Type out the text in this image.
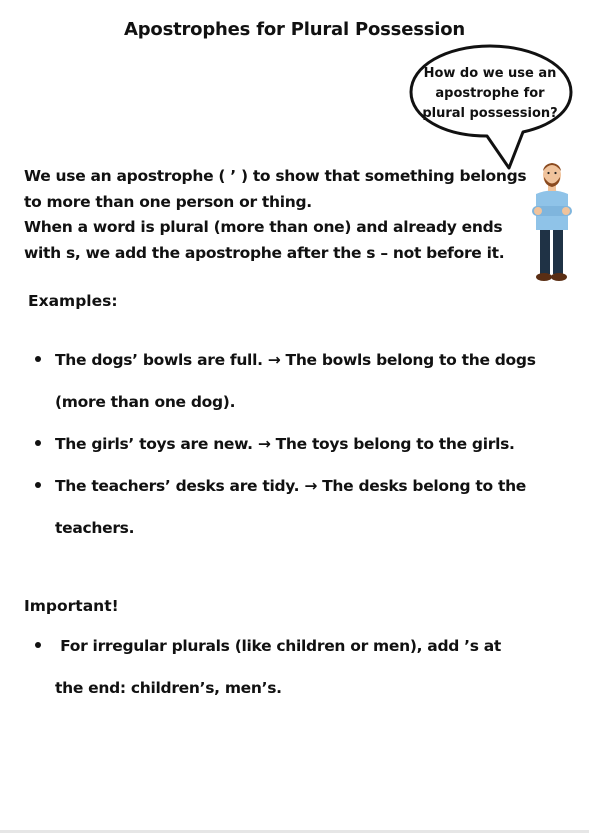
Apostrophes for Plural Possession
How do we use an apostrophe for plural possession?

We use an apostrophe ( ’ ) to show that something belongs to more than one person or thing.

When a word is plural (more than one) and already ends with s, we add the apostrophe after the s – not before it.

Examples:
The dogs’ bowls are full. → The bowls belong to the dogs (more than one dog).
The girls’ toys are new. → The toys belong to the girls.
The teachers’ desks are tidy. → The desks belong to the teachers.
Important!
For irregular plurals (like children or men), add ’s at the end: children’s, men’s.
